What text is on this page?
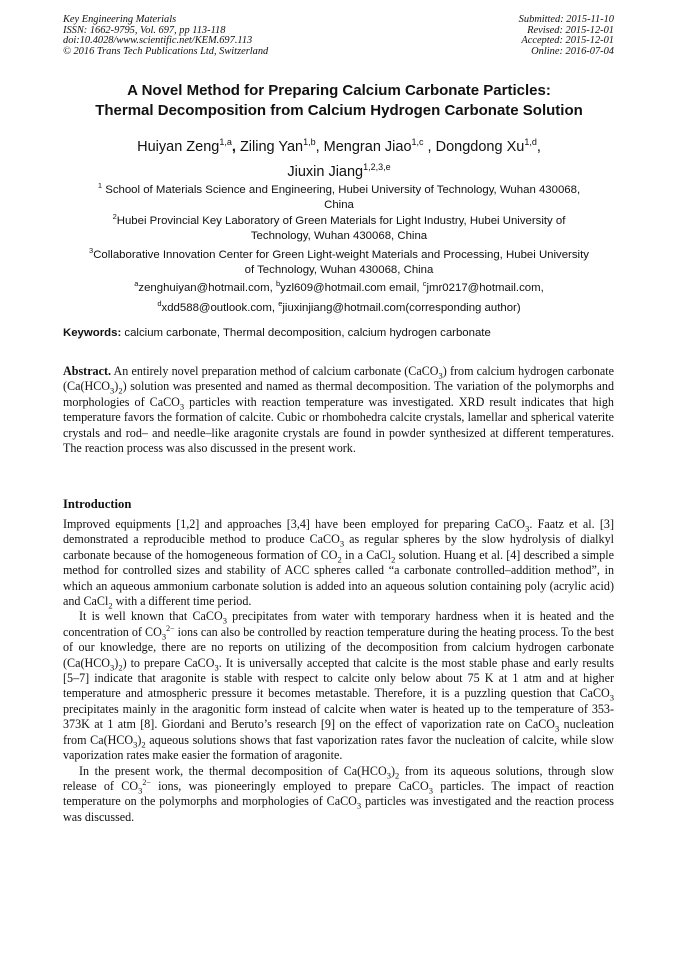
Key Engineering Materials
ISSN: 1662-9795, Vol. 697, pp 113-118
doi:10.4028/www.scientific.net/KEM.697.113
© 2016 Trans Tech Publications Ltd, Switzerland
Submitted: 2015-11-10
Revised: 2015-12-01
Accepted: 2015-12-01
Online: 2016-07-04
A Novel Method for Preparing Calcium Carbonate Particles:
Thermal Decomposition from Calcium Hydrogen Carbonate Solution
Huiyan Zeng$^{1,a}$, Ziling Yan$^{1,b}$, Mengran Jiao$^{1,c}$ , Dongdong Xu$^{1,d}$,
Jiuxin Jiang$^{1,2,3,e}$
$^1$ School of Materials Science and Engineering, Hubei University of Technology, Wuhan 430068,
China
$^2$Hubei Provincial Key Laboratory of Green Materials for Light Industry, Hubei University of
Technology, Wuhan 430068, China
$^3$Collaborative Innovation Center for Green Light-weight Materials and Processing, Hubei University
of Technology, Wuhan 430068, China
$^a$zenghuiyan@hotmail.com, $^b$yzl609@hotmail.com email, $^c$jmr0217@hotmail.com,
$^d$xdd588@outlook.com, $^e$jiuxinjiang@hotmail.com(corresponding author)
Keywords: calcium carbonate, Thermal decomposition, calcium hydrogen carbonate
Abstract. An entirely novel preparation method of calcium carbonate (CaCO$_3$) from calcium hydrogen carbonate $(Ca(HCO_3)_2)$ solution was presented and named as thermal decomposition. The variation of the polymorphs and morphologies of CaCO$_3$ particles with reaction temperature was investigated. XRD result indicates that high temperature favors the formation of calcite. Cubic or rhombohedra calcite crystals, lamellar and spherical vaterite crystals and rod– and needle–like aragonite crystals are found in powder synthesized at different temperatures. The reaction process was also discussed in the present work.
Introduction

Improved equipments [1,2] and approaches [3,4] have been employed for preparing CaCO$_3$. Faatz et al. [3] demonstrated a reproducible method to produce CaCO$_3$ as regular spheres by the slow hydrolysis of dialkyl carbonate because of the homogeneous formation of $CO_2$ in a CaCl$_2$ solution. Huang et al. [4] described a simple method for controlled sizes and stability of ACC spheres called “a carbonate controlled–addition method”, in which an aqueous ammonium carbonate solution is added into an aqueous solution containing poly (acrylic acid) and CaCl$_2$ with a different time period.

It is well known that CaCO$_3$ precipitates from water with temporary hardness when it is heated and the concentration of $CO_3^{2-}$ ions can also be controlled by reaction temperature during the heating process. To the best of our knowledge, there are no reports on utilizing of the decomposition from calcium hydrogen carbonate $(Ca(HCO_3)_2)$ to prepare CaCO$_3$. It is universally accepted that calcite is the most stable phase and early results [5–7] indicate that aragonite is stable with respect to calcite only below about 75 K at 1 atm and at higher temperature and atmospheric pressure it becomes metastable. Therefore, it is a puzzling question that CaCO$_3$ precipitates mainly in the aragonitic form instead of calcite when water is heated up to the temperature of 353-373K at 1 atm [8]. Giordani and Beruto’s research [9] on the effect of vaporization rate on CaCO$_3$ nucleation from $Ca(HCO_3)_2$ aqueous solutions shows that fast vaporization rates favor the nucleation of calcite, while slow vaporization rates make easier the formation of aragonite.

In the present work, the thermal decomposition of $Ca(HCO_3)_2$ from its aqueous solutions, through slow release of $CO_3^{2-}$ ions, was pioneeringly employed to prepare CaCO$_3$ particles. The impact of reaction temperature on the polymorphs and morphologies of CaCO$_3$ particles was investigated and the reaction process was discussed.
